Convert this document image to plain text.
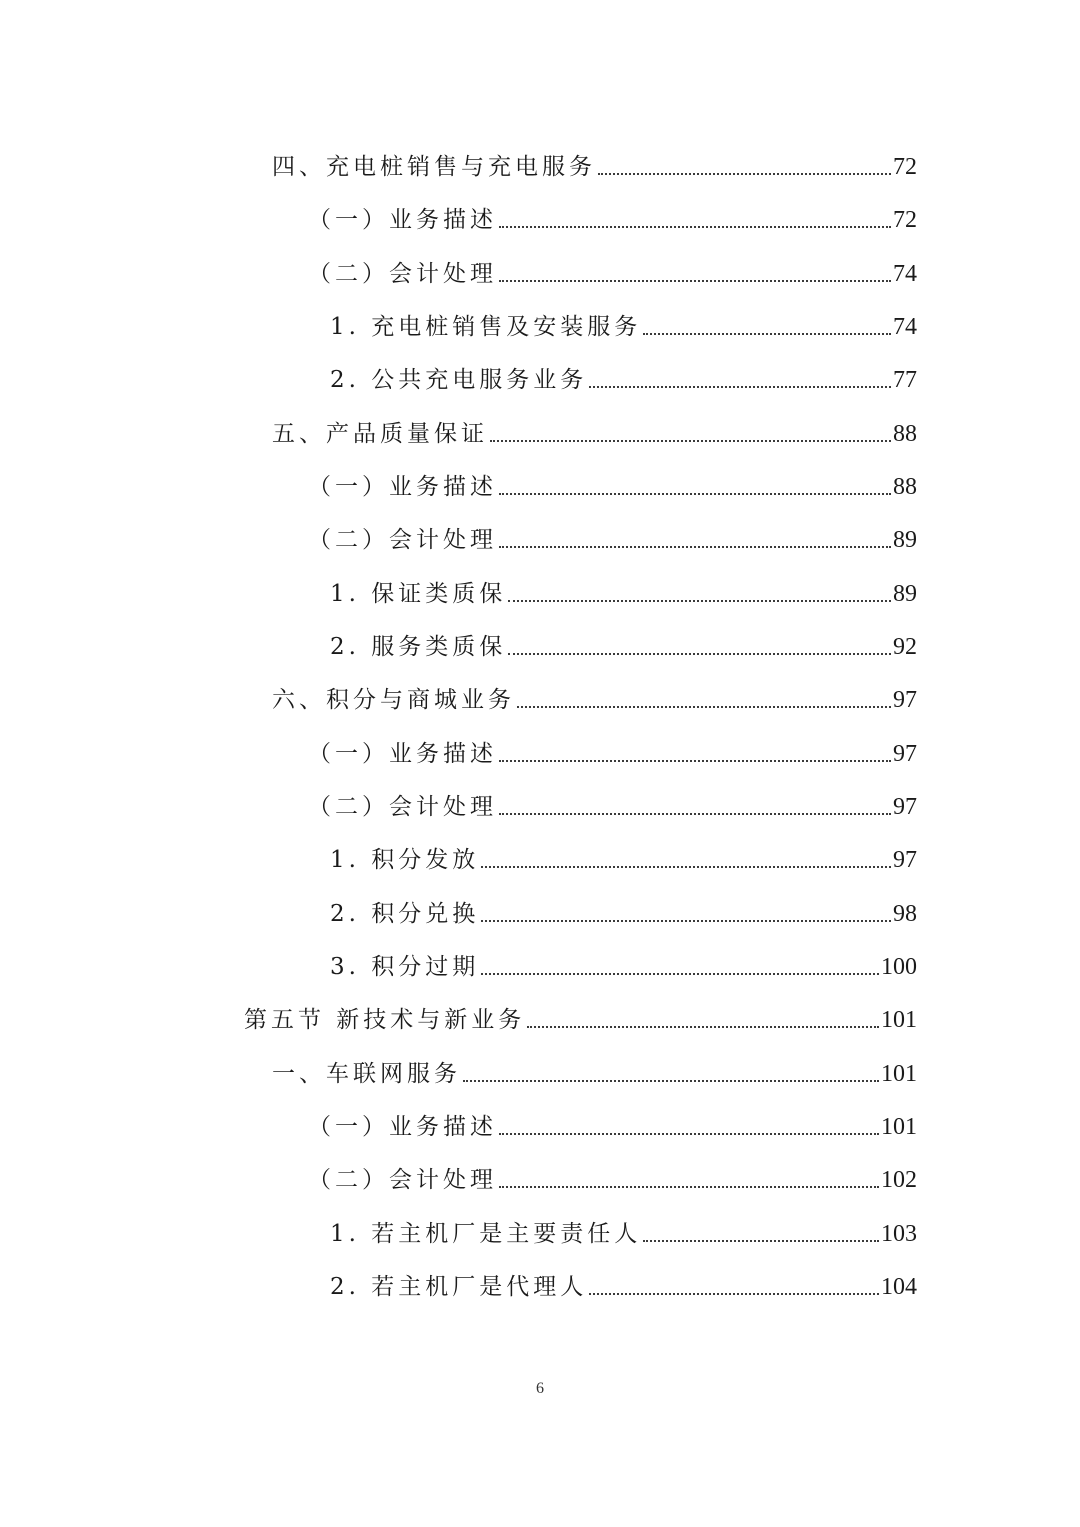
四、充电桩销售与充电服务	72
（一）业务描述	72
（二）会计处理	74
1. 充电桩销售及安装服务	74
2. 公共充电服务业务	77
五、产品质量保证	88
（一）业务描述	88
（二）会计处理	89
1. 保证类质保	89
2. 服务类质保	92
六、积分与商城业务	97
（一）业务描述	97
（二）会计处理	97
1. 积分发放	97
2. 积分兑换	98
3. 积分过期	100
第五节 新技术与新业务	101
一、车联网服务	101
（一）业务描述	101
（二）会计处理	102
1. 若主机厂是主要责任人	103
2. 若主机厂是代理人	104
6
